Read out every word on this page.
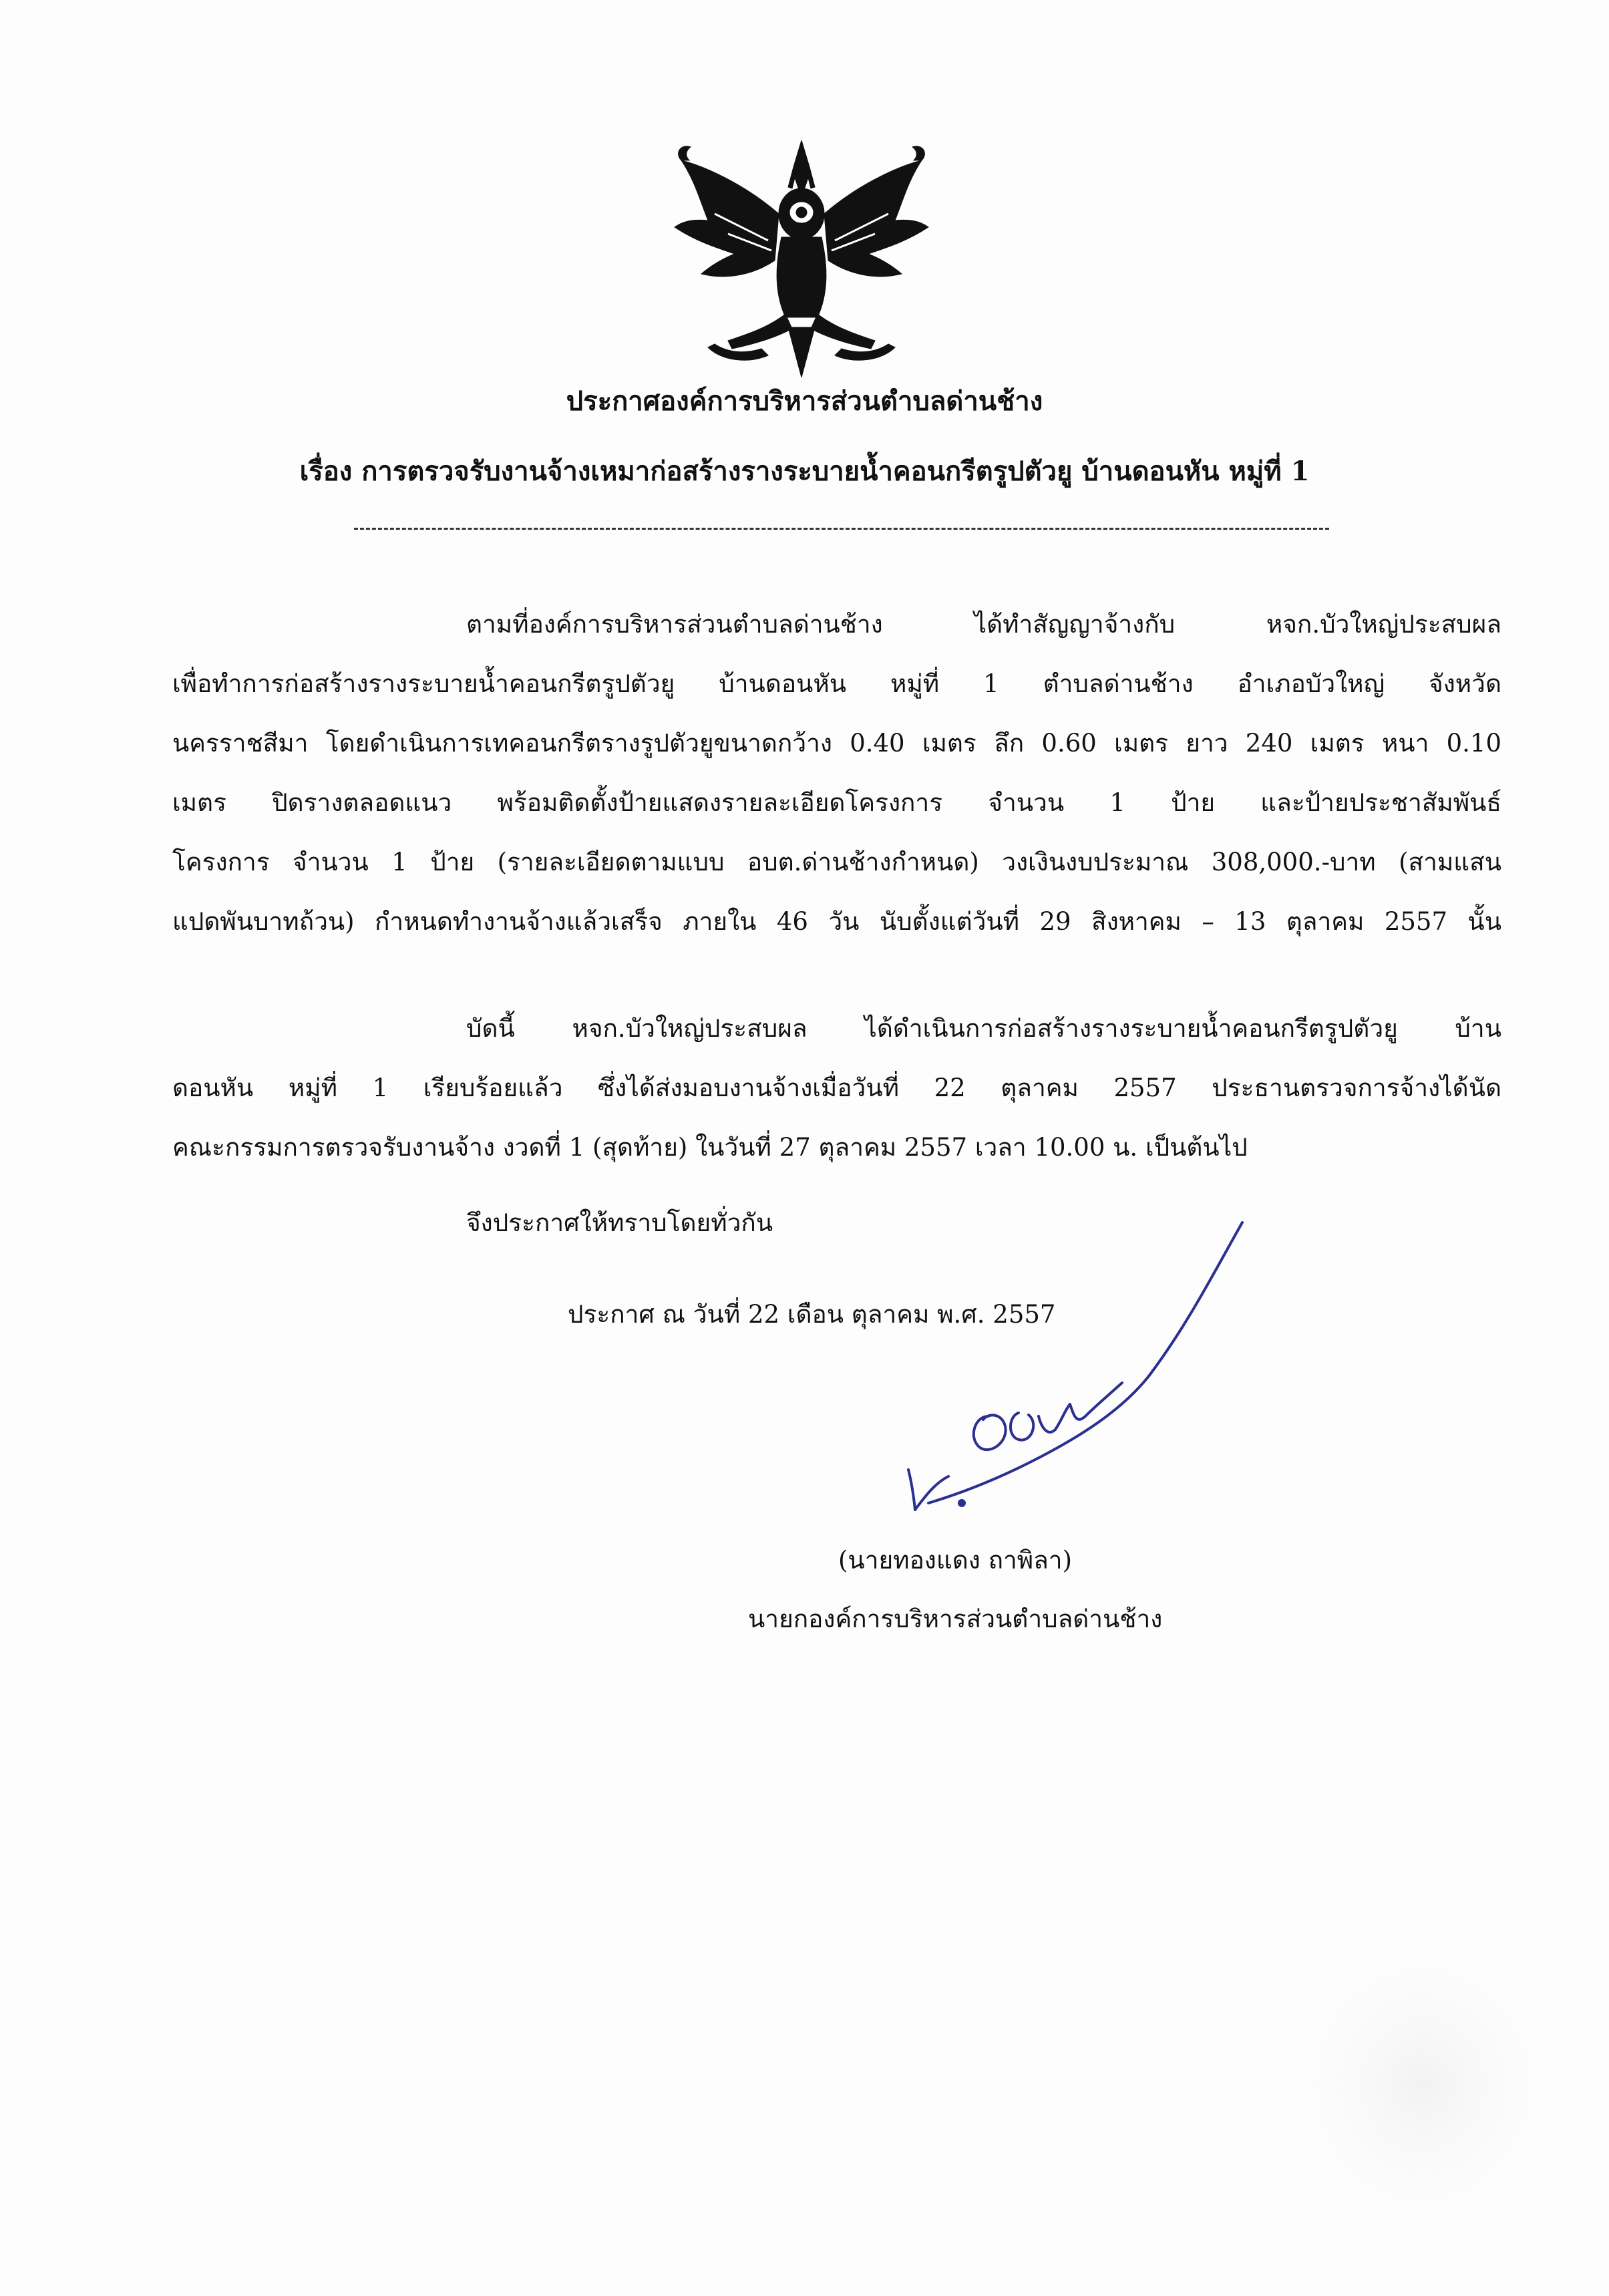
ประกาศองค์การบริหารส่วนตำบลด่านช้าง
เรื่อง การตรวจรับงานจ้างเหมาก่อสร้างรางระบายน้ำคอนกรีตรูปตัวยู บ้านดอนหัน หมู่ที่ 1
ตามที่องค์การบริหารส่วนตำบลด่านช้าง ได้ทำสัญญาจ้างกับ หจก.บัวใหญ่ประสบผล
เพื่อทำการก่อสร้างรางระบายน้ำคอนกรีตรูปตัวยู บ้านดอนหัน หมู่ที่ 1 ตำบลด่านช้าง อำเภอบัวใหญ่ จังหวัด
นครราชสีมา โดยดำเนินการเทคอนกรีตรางรูปตัวยูขนาดกว้าง 0.40 เมตร ลึก 0.60 เมตร ยาว 240 เมตร หนา 0.10
เมตร ปิดรางตลอดแนว พร้อมติดตั้งป้ายแสดงรายละเอียดโครงการ จำนวน 1 ป้าย และป้ายประชาสัมพันธ์
โครงการ จำนวน 1 ป้าย (รายละเอียดตามแบบ อบต.ด่านช้างกำหนด) วงเงินงบประมาณ 308,000.-บาท (สามแสน
แปดพันบาทถ้วน) กำหนดทำงานจ้างแล้วเสร็จ ภายใน 46 วัน นับตั้งแต่วันที่ 29 สิงหาคม – 13 ตุลาคม 2557 นั้น
บัดนี้ หจก.บัวใหญ่ประสบผล ได้ดำเนินการก่อสร้างรางระบายน้ำคอนกรีตรูปตัวยู บ้าน
ดอนหัน หมู่ที่ 1 เรียบร้อยแล้ว ซึ่งได้ส่งมอบงานจ้างเมื่อวันที่ 22 ตุลาคม 2557 ประธานตรวจการจ้างได้นัด
คณะกรรมการตรวจรับงานจ้าง งวดที่ 1 (สุดท้าย) ในวันที่ 27 ตุลาคม 2557 เวลา 10.00 น. เป็นต้นไป
จึงประกาศให้ทราบโดยทั่วกัน
ประกาศ ณ วันที่ 22 เดือน ตุลาคม พ.ศ. 2557
(นายทองแดง ถาพิลา)
นายกองค์การบริหารส่วนตำบลด่านช้าง
